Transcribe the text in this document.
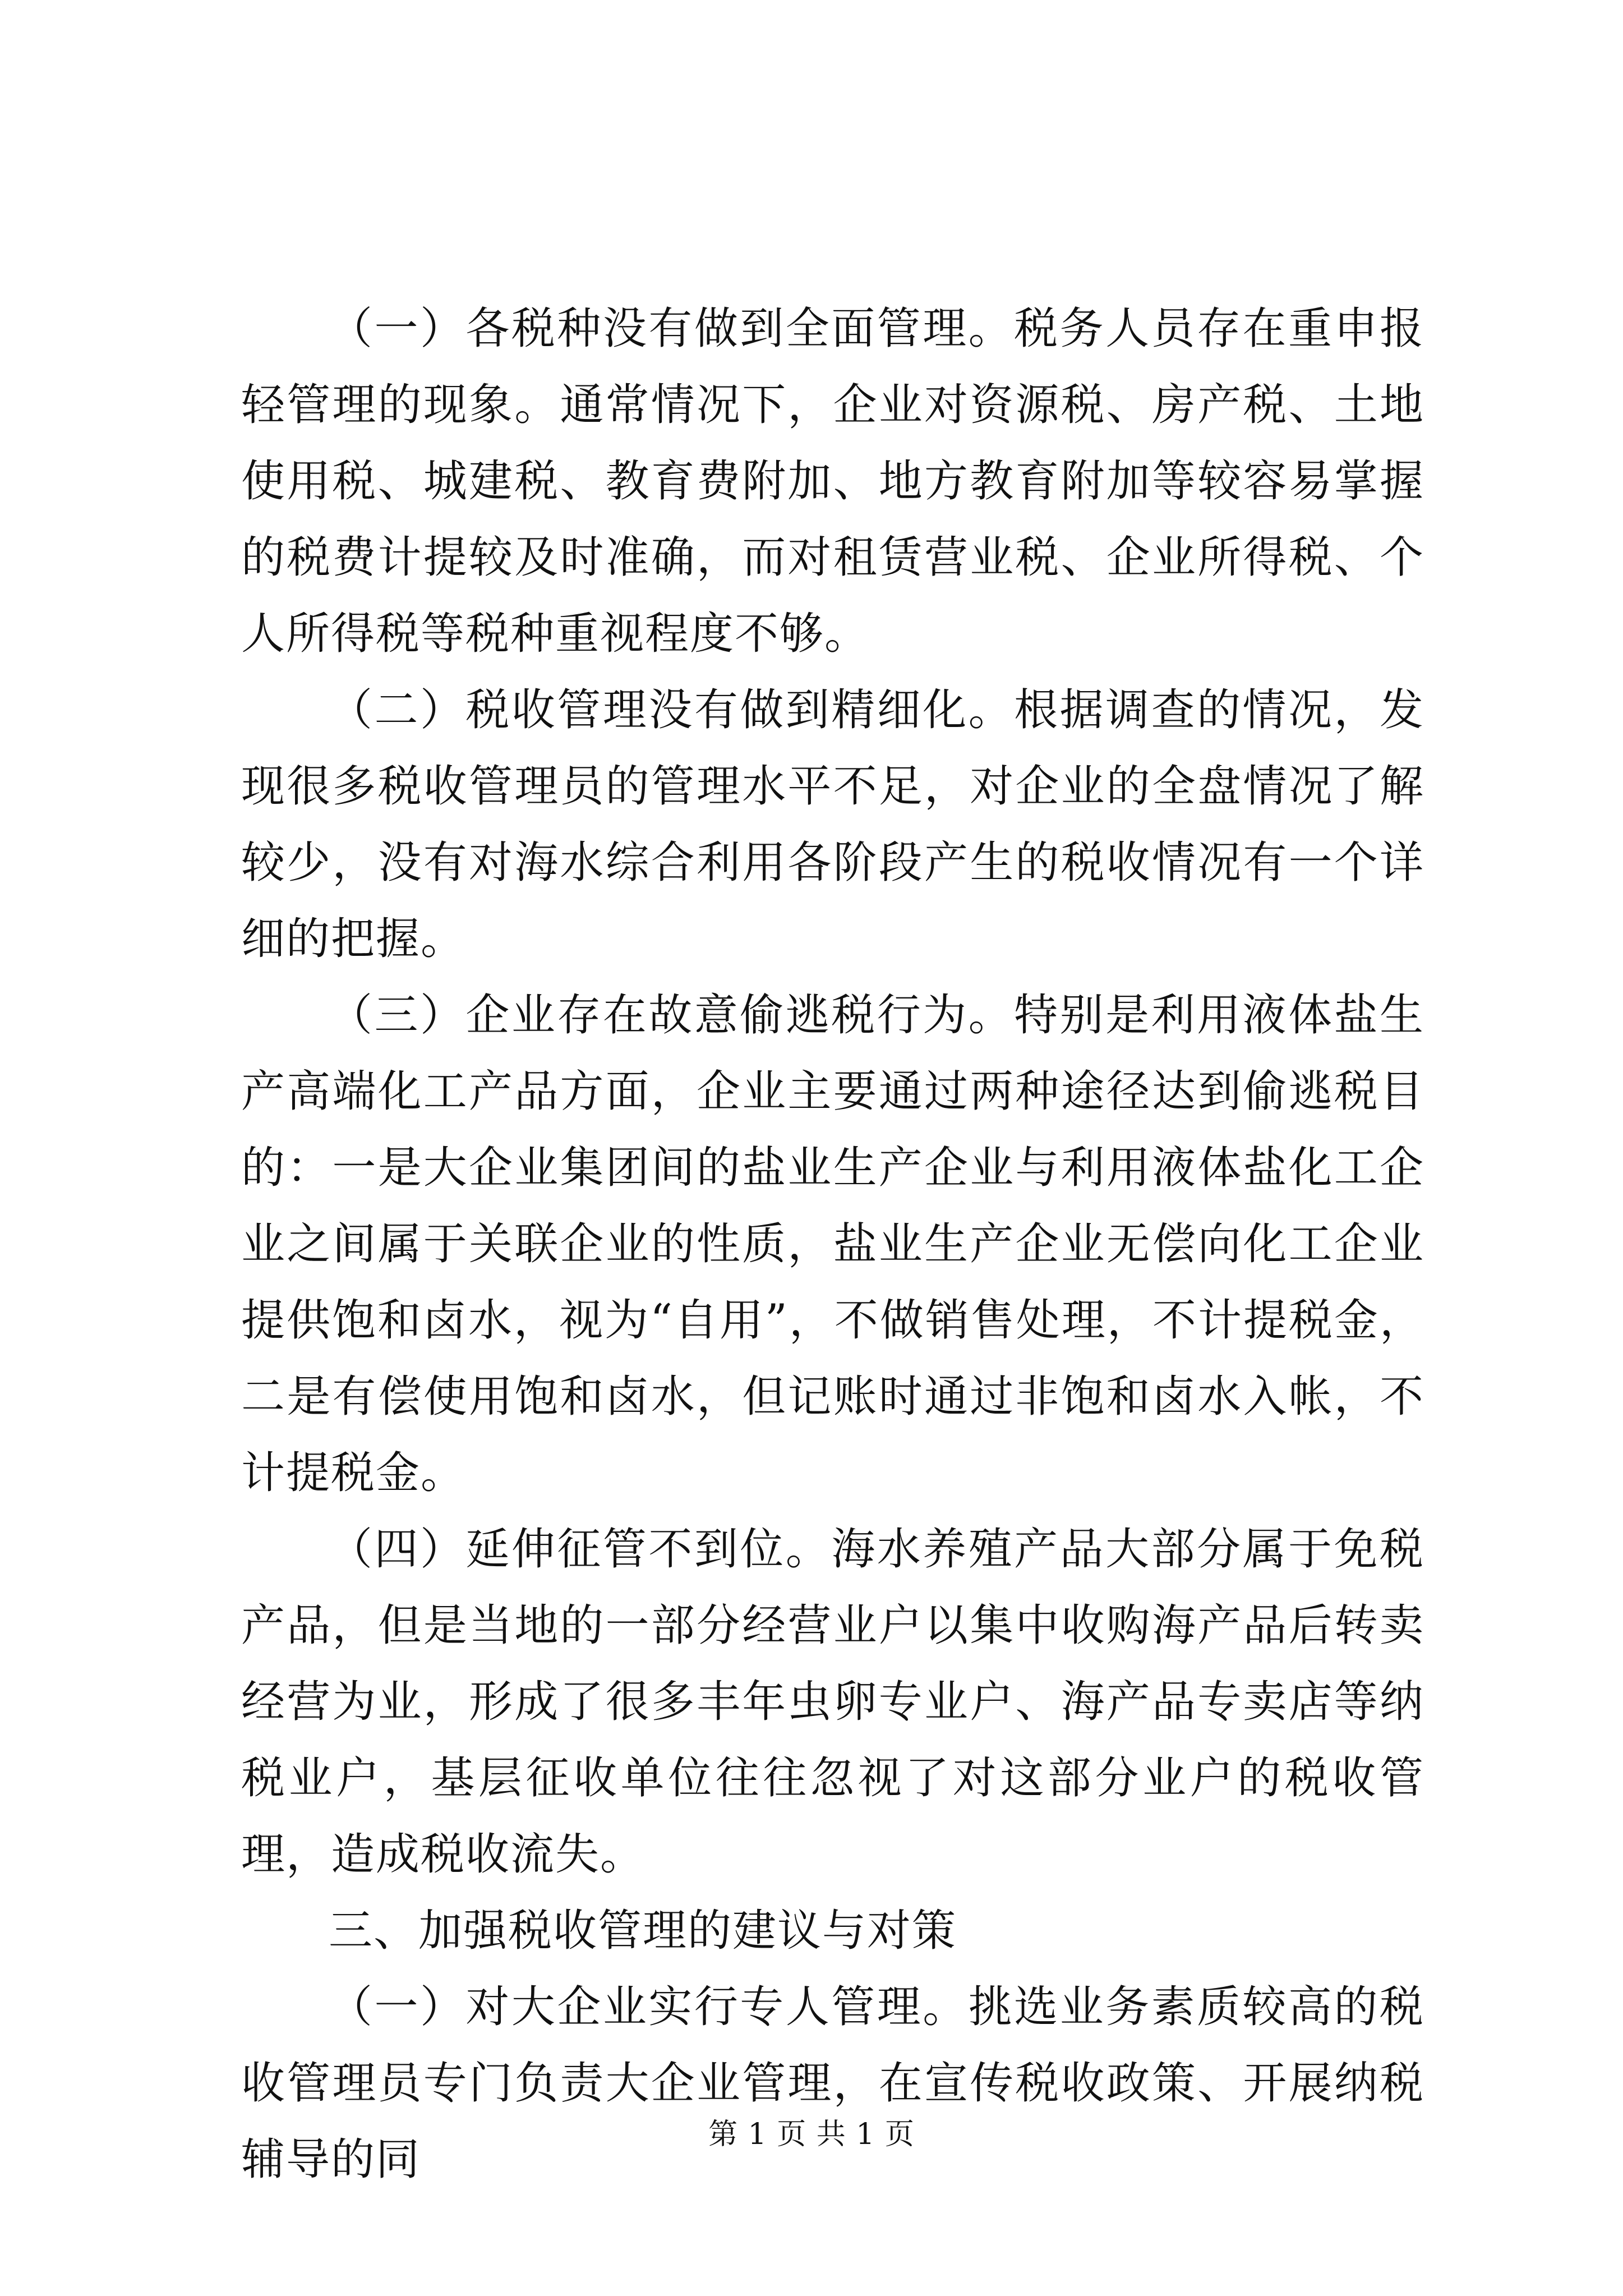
（一）各税种没有做到全面管理。税务人员存在重申报轻管理的现象。通常情况下，企业对资源税、房产税、土地使用税、城建税、教育费附加、地方教育附加等较容易掌握的税费计提较及时准确，而对租赁营业税、企业所得税、个人所得税等税种重视程度不够。

（二）税收管理没有做到精细化。根据调查的情况，发现很多税收管理员的管理水平不足，对企业的全盘情况了解较少，没有对海水综合利用各阶段产生的税收情况有一个详细的把握。

（三）企业存在故意偷逃税行为。特别是利用液体盐生产高端化工产品方面，企业主要通过两种途径达到偷逃税目的：一是大企业集团间的盐业生产企业与利用液体盐化工企业之间属于关联企业的性质，盐业生产企业无偿向化工企业提供饱和卤水，视为“自用”，不做销售处理，不计提税金，二是有偿使用饱和卤水，但记账时通过非饱和卤水入帐，不计提税金。

（四）延伸征管不到位。海水养殖产品大部分属于免税产品，但是当地的一部分经营业户以集中收购海产品后转卖经营为业，形成了很多丰年虫卵专业户、海产品专卖店等纳税业户，基层征收单位往往忽视了对这部分业户的税收管理，造成税收流失。

三、加强税收管理的建议与对策

（一）对大企业实行专人管理。挑选业务素质较高的税收管理员专门负责大企业管理，在宣传税收政策、开展纳税辅导的同	第 1 页 共 1 页
